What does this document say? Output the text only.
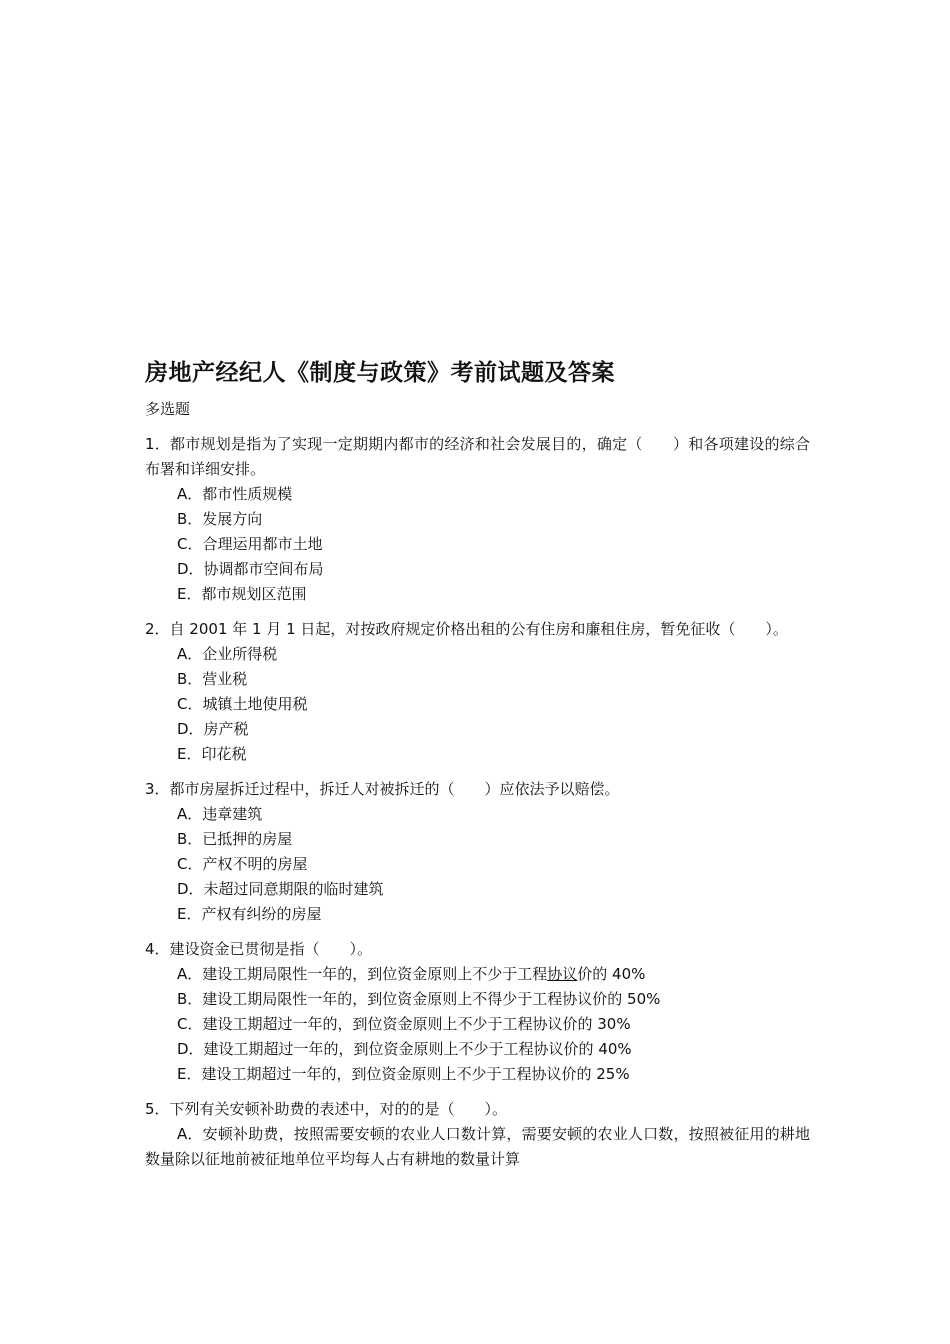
房地产经纪人《制度与政策》考前试题及答案
多选题
1．都市规划是指为了实现一定期期内都市的经济和社会发展目的，确定（　　）和各项建设的综合布署和详细安排。
A．都市性质规模
B．发展方向
C．合理运用都市土地
D．协调都市空间布局
E．都市规划区范围
2．自 2001 年 1 月 1 日起，对按政府规定价格出租的公有住房和廉租住房，暂免征收（　　）。
A．企业所得税
B．营业税
C．城镇土地使用税
D．房产税
E．印花税
3．都市房屋拆迁过程中，拆迁人对被拆迁的（　　）应依法予以赔偿。
A．违章建筑
B．已抵押的房屋
C．产权不明的房屋
D．未超过同意期限的临时建筑
E．产权有纠纷的房屋
4．建设资金已贯彻是指（　　）。
A．建设工期局限性一年的，到位资金原则上不少于工程协议价的 40%
B．建设工期局限性一年的，到位资金原则上不得少于工程协议价的 50%
C．建设工期超过一年的，到位资金原则上不少于工程协议价的 30%
D．建设工期超过一年的，到位资金原则上不少于工程协议价的 40%
E．建设工期超过一年的，到位资金原则上不少于工程协议价的 25%
5．下列有关安顿补助费的表述中，对的的是（　　）。
A．安顿补助费，按照需要安顿的农业人口数计算，需要安顿的农业人口数，按照被征用的耕地数量除以征地前被征地单位平均每人占有耕地的数量计算
